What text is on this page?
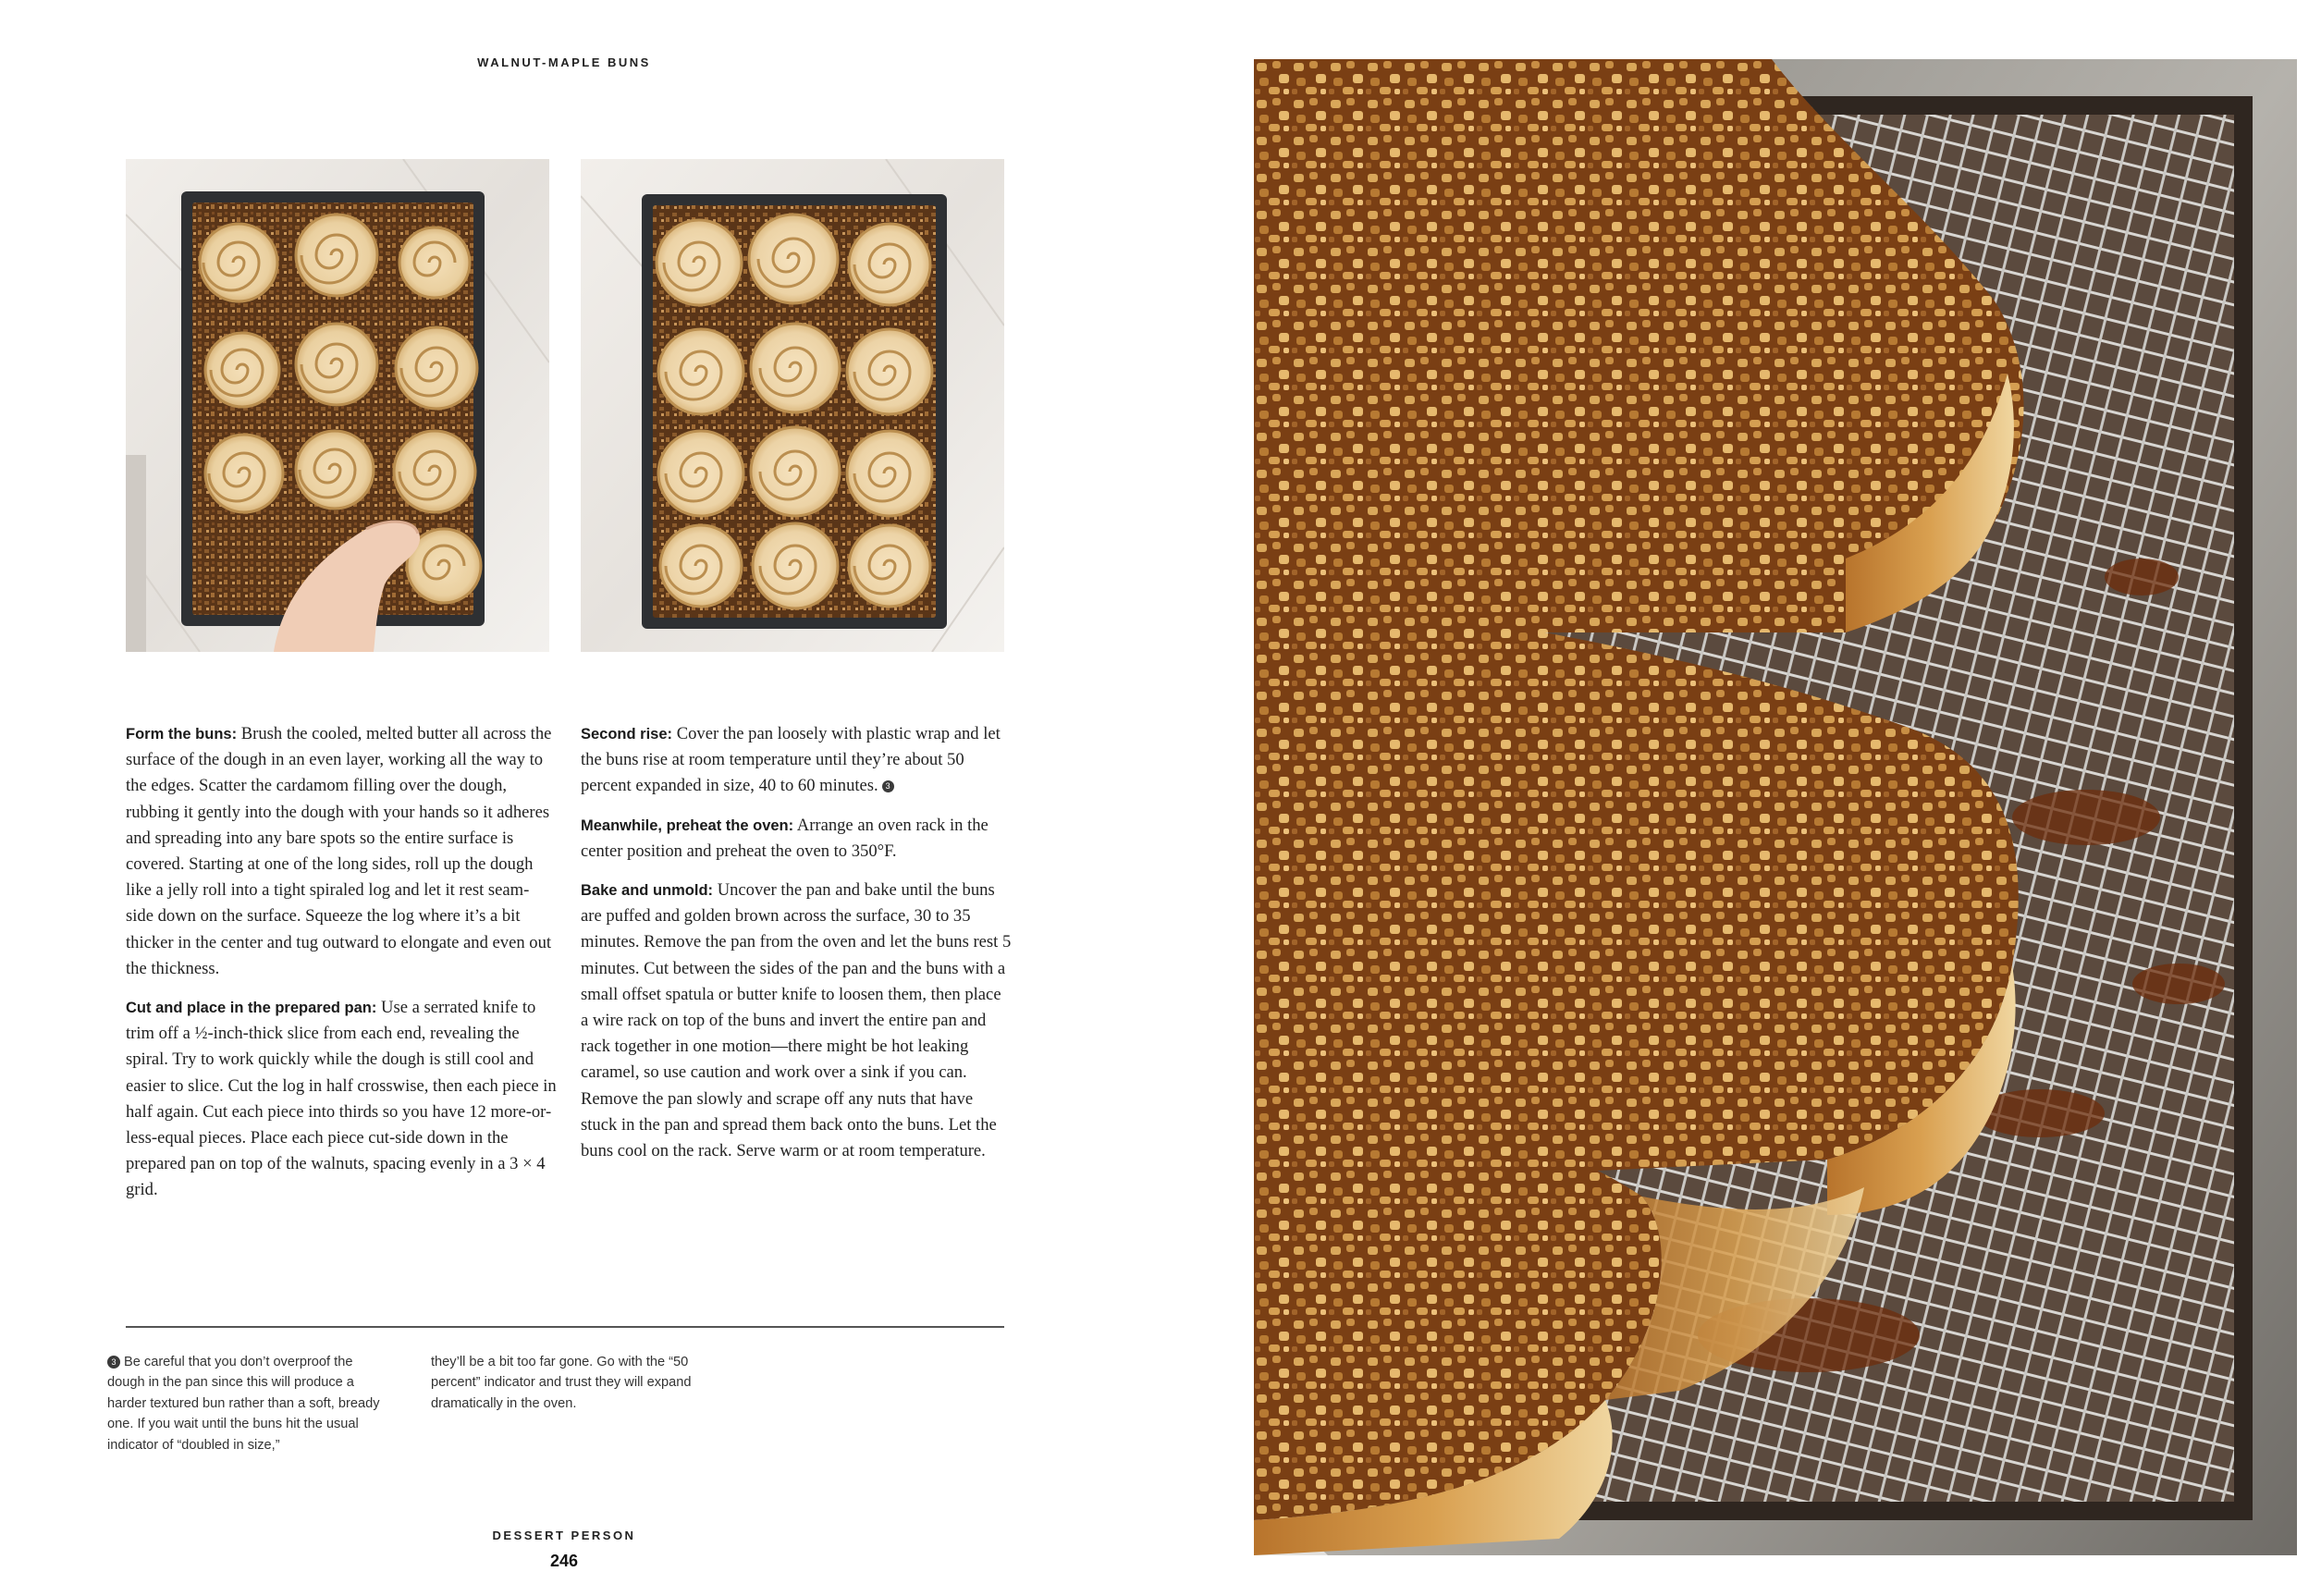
WALNUT-MAPLE BUNS

Form the buns: Brush the cooled, melted butter all across the surface of the dough in an even layer, working all the way to the edges. Scatter the cardamom filling over the dough, rubbing it gently into the dough with your hands so it adheres and spreading into any bare spots so the entire surface is covered. Starting at one of the long sides, roll up the dough like a jelly roll into a tight spiraled log and let it rest seam-side down on the surface. Squeeze the log where it’s a bit thicker in the center and tug outward to elongate and even out the thickness.

Cut and place in the prepared pan: Use a serrated knife to trim off a ½-inch-thick slice from each end, revealing the spiral. Try to work quickly while the dough is still cool and easier to slice. Cut the log in half crosswise, then each piece in half again. Cut each piece into thirds so you have 12 more-or-less-equal pieces. Place each piece cut-side down in the prepared pan on top of the walnuts, spacing evenly in a 3 × 4 grid.

Second rise: Cover the pan loosely with plastic wrap and let the buns rise at room temperature until they’re about 50 percent expanded in size, 40 to 60 minutes. 3

Meanwhile, preheat the oven: Arrange an oven rack in the center position and preheat the oven to 350°F.

Bake and unmold: Uncover the pan and bake until the buns are puffed and golden brown across the surface, 30 to 35 minutes. Remove the pan from the oven and let the buns rest 5 minutes. Cut between the sides of the pan and the buns with a small offset spatula or butter knife to loosen them, then place a wire rack on top of the buns and invert the entire pan and rack together in one motion—there might be hot leaking caramel, so use caution and work over a sink if you can. Remove the pan slowly and scrape off any nuts that have stuck in the pan and spread them back onto the buns. Let the buns cool on the rack. Serve warm or at room temperature.

3 Be careful that you don’t overproof the dough in the pan since this will produce a harder textured bun rather than a soft, bready one. If you wait until the buns hit the usual indicator of “doubled in size,”
they’ll be a bit too far gone. Go with the “50 percent” indicator and trust they will expand dramatically in the oven.
DESSERT PERSON
246
